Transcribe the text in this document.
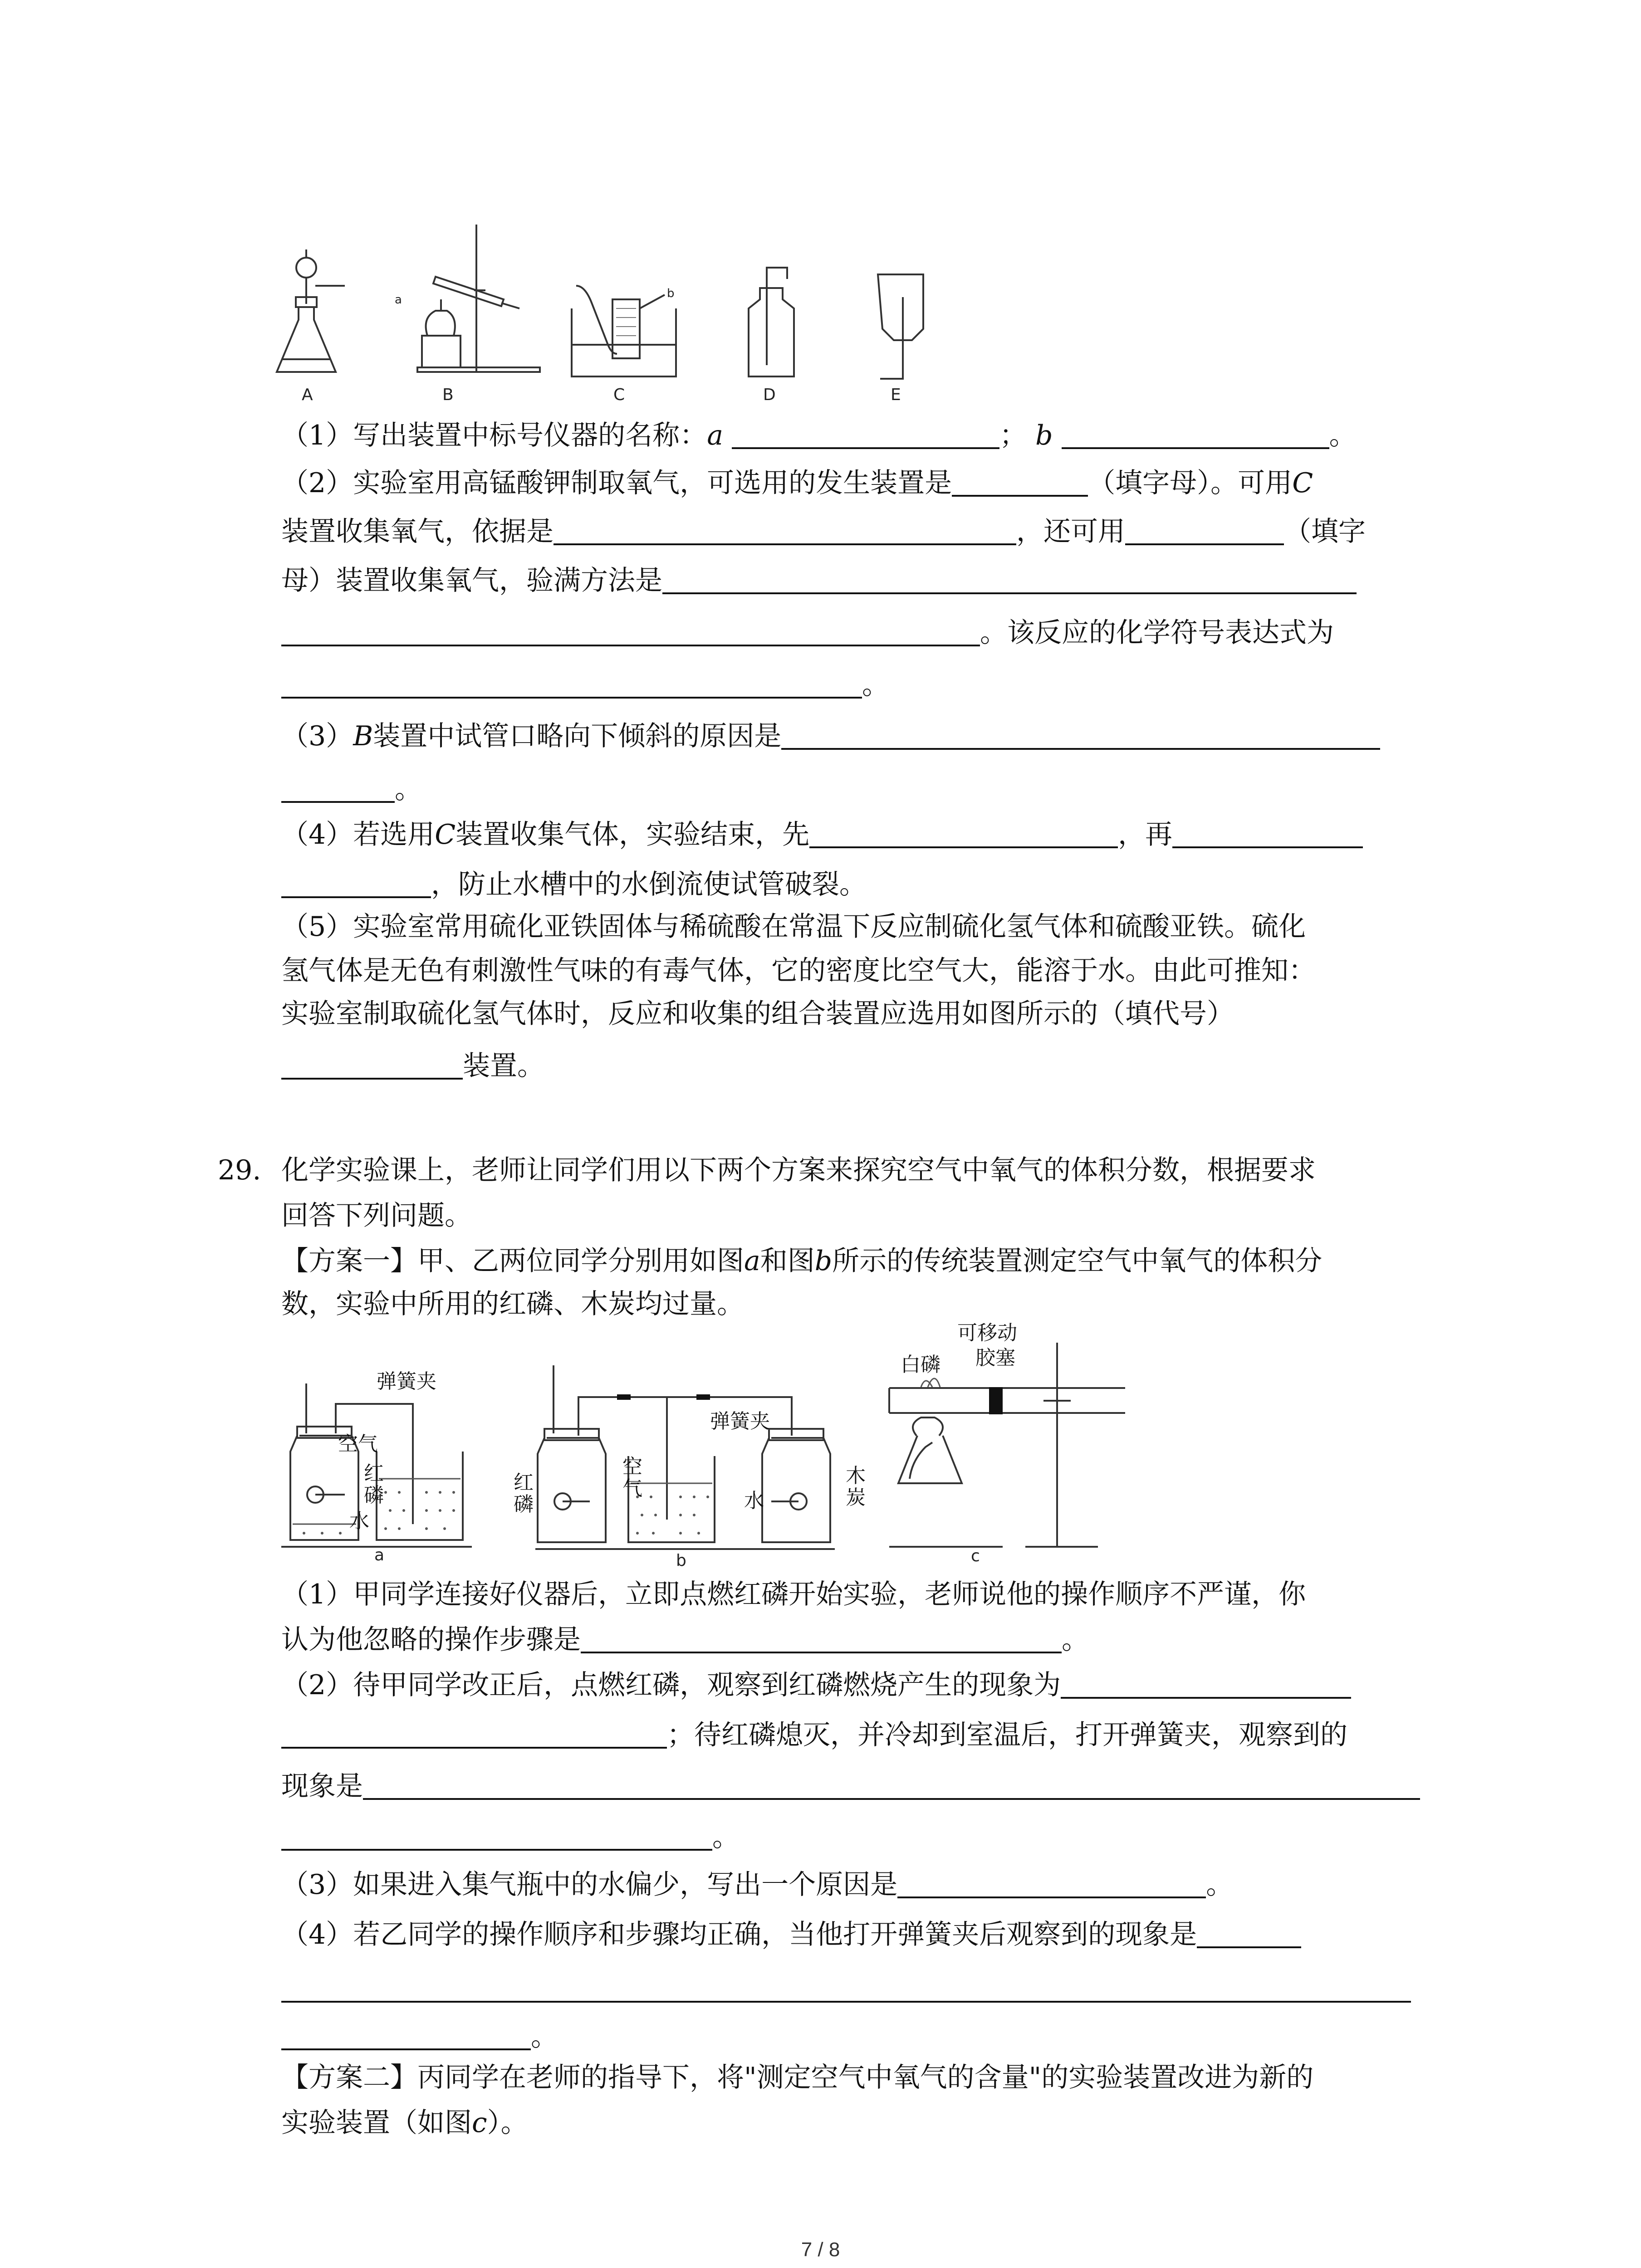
a	b
A	B	C	D	E
（1）写出装置中标号仪器的名称：a	； b	。
（2）实验室用高锰酸钾制取氧气，可选用的发生装置是	（填字母）。可用C
装置收集氧气，依据是	，还可用	（填字
母）装置收集氧气，验满方法是
。该反应的化学符号表达式为
。
（3）B装置中试管口略向下倾斜的原因是
。
（4）若选用C装置收集气体，实验结束，先	，再
，防止水槽中的水倒流使试管破裂。
（5）实验室常用硫化亚铁固体与稀硫酸在常温下反应制硫化氢气体和硫酸亚铁。硫化
氢气体是无色有刺激性气味的有毒气体，它的密度比空气大，能溶于水。由此可推知：
实验室制取硫化氢气体时，反应和收集的组合装置应选用如图所示的（填代号）
装置。
29. 化学实验课上，老师让同学们用以下两个方案来探究空气中氧气的体积分数，根据要求
回答下列问题。
【方案一】甲、乙两位同学分别用如图a和图b所示的传统装置测定空气中氧气的体积分
数，实验中所用的红磷、木炭均过量。
弹簧夹
空气
红磷
水
a
弹簧夹
红磷
空气
水
木炭
b
可移动
胶塞
白磷
c
（1）甲同学连接好仪器后，立即点燃红磷开始实验，老师说他的操作顺序不严谨，你
认为他忽略的操作步骤是	。
（2）待甲同学改正后，点燃红磷，观察到红磷燃烧产生的现象为
；待红磷熄灭，并冷却到室温后，打开弹簧夹，观察到的
现象是
。
（3）如果进入集气瓶中的水偏少，写出一个原因是	。
（4）若乙同学的操作顺序和步骤均正确，当他打开弹簧夹后观察到的现象是
。
【方案二】丙同学在老师的指导下，将"测定空气中氧气的含量"的实验装置改进为新的
实验装置（如图c）。
7 / 8
